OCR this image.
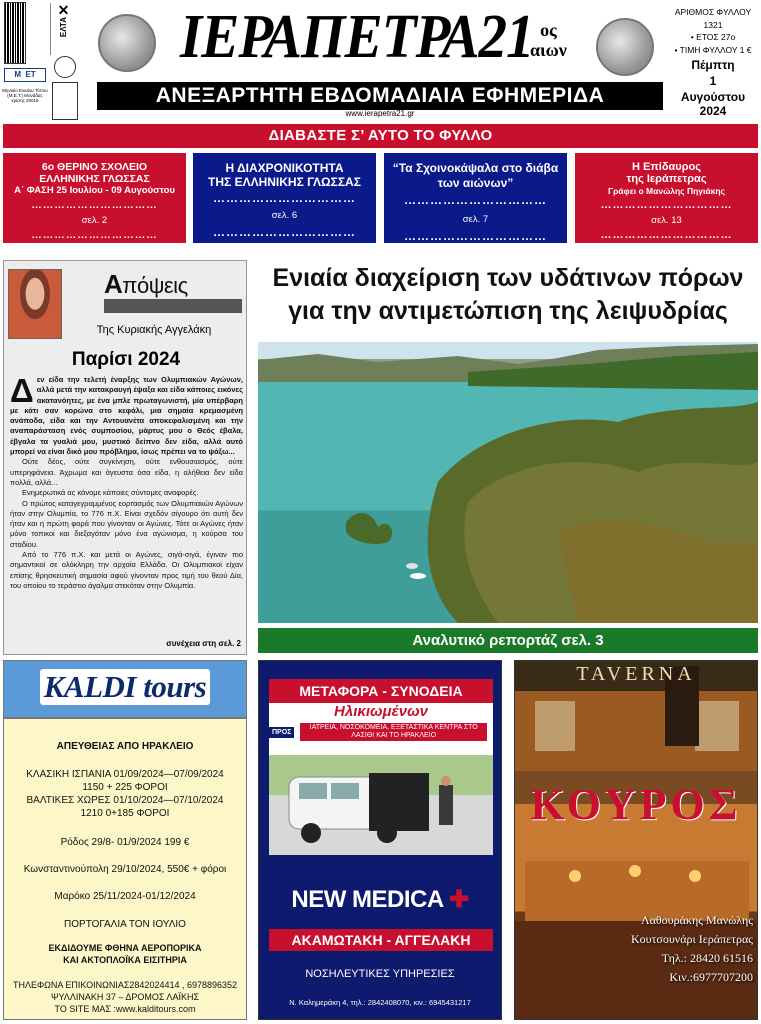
Μ  ΕΤ
Μηνιαίο Ενιαίου Τύπου (Μ.Ε.Τ.) Μονάδας κρίσης 25016
✕
ΕΛΤΑ ΙΕΡΑΠΕΤΡΑ21 ος
αιων
ΑΝΕΞΑΡΤΗΤΗ ΕΒΔΟΜΑΔΙΑΙΑ ΕΦΗΜΕΡΙΔΑ
www.ierapetra21.gr
ΑΡΙΘΜΟΣ ΦΥΛΛΟΥ 1321
• ΕΤΟΣ 27ο
• ΤΙΜΗ ΦΥΛΛΟΥ 1 €
Πέμπτη
1
Αυγούστου 2024
ΔΙΑΒΑΣΤΕ Σ’ ΑΥΤΟ ΤΟ ΦΥΛΛΟ
6ο ΘΕΡΙΝΟ ΣΧΟΛΕΙΟ
ΕΛΛΗΝΙΚΗΣ ΓΛΩΣΣΑΣ
Α΄ ΦΑΣΗ 25 Ιουλίου - 09 Αυγούστου
……………………………
σελ. 2
……………………………
Η ΔΙΑΧΡΟΝΙΚΟΤΗΤΑ
ΤΗΣ ΕΛΛΗΝΙΚΗΣ ΓΛΩΣΣΑΣ
……………………………
σελ. 6
……………………………
“Τα Σχοινοκάψαλα στο διάβα
των αιώνων”
……………………………
σελ. 7
……………………………
Η Επίδαυρος
της Ιεράπετρας
Γράφει ο Μανώλης Πηγιάκης
……………………………
σελ. 13
……………………………
Απόψεις
Της Κυριακής Αγγελάκη
Παρίσι 2024

Δεν είδα την τελετή έναρξης των Ολυμπιακών Αγώνων, αλλά μετά την κατακραυγή έψαξα και είδα κάποιες εικόνες ακατανόητες, με ένα μπλε πρωταγωνιστή, μία υπέρβαρη με κάτι σαν κορώνα στο κεφάλι, μια σημαία κρεμασμένη ανάποδα, είδα και την Αντουανέτα αποκεφαλισμένη και την αναπαράσταση ενός συμποσίου, μάρτυς μου ο Θεός έβαλα, έβγαλα τα γυαλιά μου, μυστικό δείπνο δεν είδα, αλλά αυτό μπορεί να είναι δικό μου πρόβλημα, ίσως πρέπει να το ψάξω...

Ούτε δέος, ούτε συγκίνηση, ούτε ενθουσιασμός, ούτε υπερηφάνεια. Άχρωμα και άγευστα όσα είδα, η αλήθεια δεν είδα πολλά, αλλά...

Ενημερωτικά ας κάνομε κάποιες σύντομες αναφορές.

Ο πρώτος καταγεγραμμένος εορτασμός των Ολυμπιακών Αγώνων ήταν στην Ολυμπία, το 776 π.Χ. Είναι σχεδόν σίγουρο ότι αυτή δεν ήταν και η πρώτη φορά που γίνονταν οι Αγώνες. Τότε οι Αγώνες ήταν μόνο τοπικοί και διεξαγόταν μόνο ένα αγώνισμα, η κούρσα του σταδίου.

Από το 776 π.Χ. και μετά οι Αγώνες, σιγά-σιγά, έγιναν πιο σημαντικοί σε ολόκληρη την αρχαία Ελλάδα. Οι Ολυμπιακοί είχαν επίσης θρησκευτική σημασία αφού γίνονταν προς τιμή του θεού Δία, του οποίου το τεράστιο άγαλμα στεκόταν στην Ολυμπία.

συνέχεια στη σελ. 2
Ενιαία διαχείριση των υδάτινων πόρων
για την αντιμετώπιση της λειψυδρίας
Αναλυτικό ρεπορτάζ σελ. 3
KALDI tours
ΑΠΕΥΘΕΙΑΣ ΑΠΟ ΗΡΑΚΛΕΙΟ
ΚΛΑΣΙΚΗ ΙΣΠΑΝΙΑ 01/09/2024—07/09/2024
1150 + 225 ΦΟΡΟΙ
ΒΑΛΤΙΚΕΣ ΧΩΡΕΣ 01/10/2024—07/10/2024
1210 0+185 ΦΟΡΟΙ
Ρόδος 29/8- 01/9/2024 199 €
Κωνσταντινούπολη 29/10/2024, 550€ + φόροι
Μαρόκο 25/11/2024-01/12/2024
ΠΟΡΤΟΓΑΛΙΑ ΤΟΝ ΙΟΥΛΙΟ
ΕΚΔΙΔΟΥΜΕ ΦΘΗΝΑ ΑΕΡΟΠΟΡΙΚΑ
ΚΑΙ ΑΚΤΟΠΛΟΪΚΑ ΕΙΣΙΤΗΡΙΑ
ΤΗΛΕΦΩΝΑ ΕΠΙΚΟΙΝΩΝΙΑΣ2842024414 , 6978896352
ΨΥΛΛΙΝΑΚΗ 37 – ΔΡΟΜΟΣ ΛΑΪΚΗΣ
ΤΟ SITE ΜΑΣ :www.kalditours.com
ΜΕΤΑΦΟΡΑ - ΣΥΝΟΔΕΙΑ
Ηλικιωμένων
ΠΡΟΣ
ΙΑΤΡΕΙΑ, ΝΟΣΟΚΟΜΕΙΑ, ΕΞΕΤΑΣΤΙΚΑ ΚΕΝΤΡΑ ΣΤΟ ΛΑΣΙΘΙ ΚΑΙ ΤΟ ΗΡΑΚΛΕΙΟ
NEW MEDICA ✚
ΑΚΑΜΩΤΑΚΗ - ΑΓΓΕΛΑΚΗ
ΝΟΣΗΛΕΥΤΙΚΕΣ ΥΠΗΡΕΣΙΕΣ
Ν. Καλημεράκη 4, τηλ.: 2842408070, κιν.: 6945431217
TAVERNA
ΚΟΥΡΟΣ
Λαθουράκης Μανώλης
Κουτσουνάρι Ιεράπετρας
Τηλ.: 28420 61516
Κιν.:6977707200
